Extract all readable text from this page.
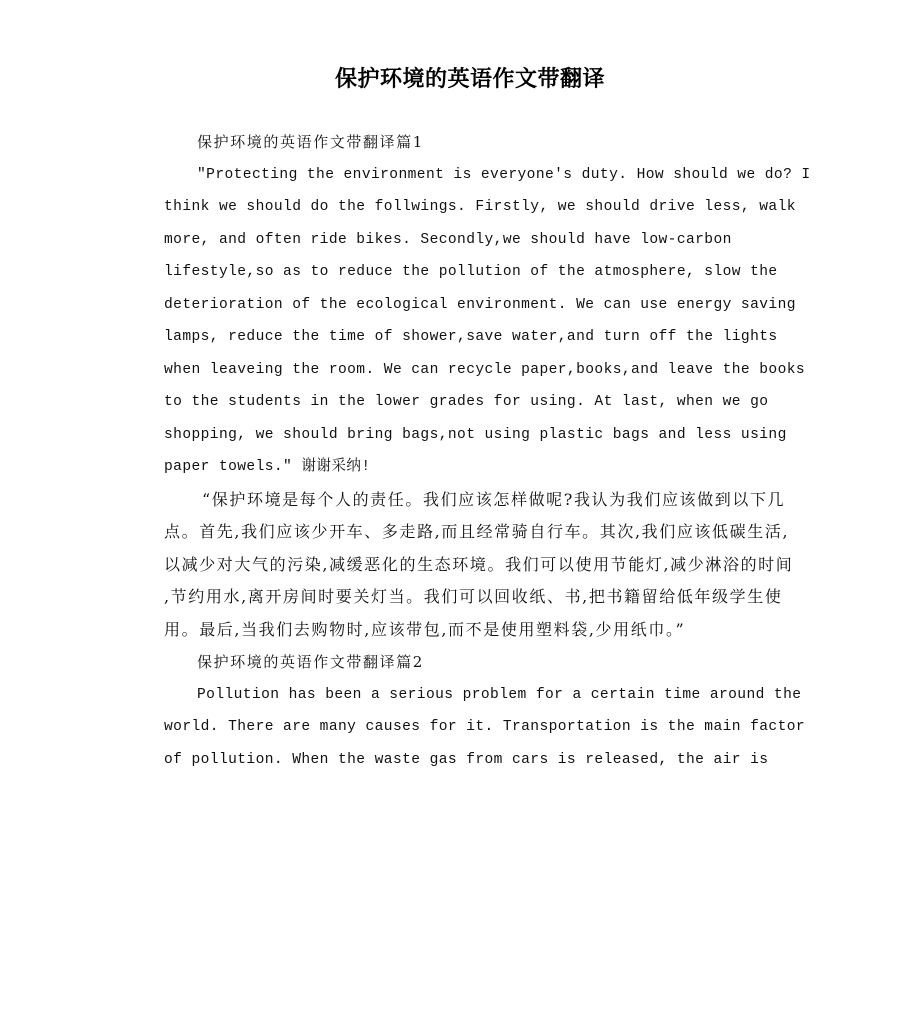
保护环境的英语作文带翻译
保护环境的英语作文带翻译篇1
"Protecting the environment is everyone's duty. How should we do? I
think we should do the follwings. Firstly, we should drive less, walk
more, and often ride bikes. Secondly,we should have low-carbon
lifestyle,so as to reduce the pollution of the atmosphere, slow the
deterioration of the ecological environment. We can use energy saving
lamps, reduce the time of shower,save water,and turn off the lights
when leaveing the room. We can recycle paper,books,and leave the books
to the students in the lower grades for using. At last, when we go
shopping, we should bring bags,not using plastic bags and less using
paper towels." 谢谢采纳!
“保护环境是每个人的责任。我们应该怎样做呢?我认为我们应该做到以下几
点。首先,我们应该少开车、多走路,而且经常骑自行车。其次,我们应该低碳生活,
以减少对大气的污染,减缓恶化的生态环境。我们可以使用节能灯,减少淋浴的时间
,节约用水,离开房间时要关灯当。我们可以回收纸、书,把书籍留给低年级学生使
用。最后,当我们去购物时,应该带包,而不是使用塑料袋,少用纸巾。”
保护环境的英语作文带翻译篇2
Pollution has been a serious problem for a certain time around the
world. There are many causes for it. Transportation is the main factor
of pollution. When the waste gas from cars is released, the air is
